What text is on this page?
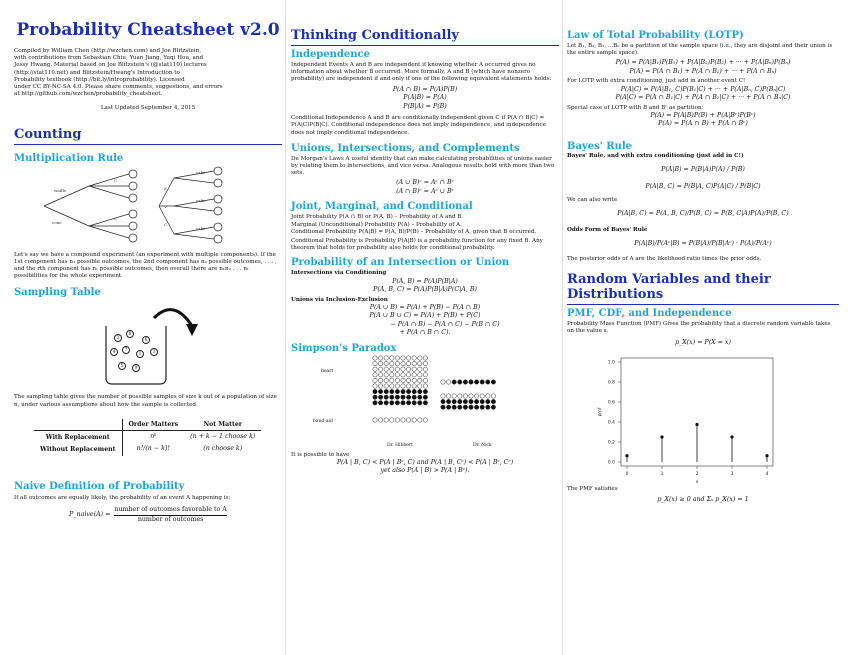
Probability Cheatsheet v2.0
Compiled by William Chen (http://wzchen.com) and Joe Blitzstein,
with contributions from Sebastian Chiu, Yuan Jiang, Yuqi Hou, and
Jessy Hwang. Material based on Joe Blitzstein's (@stat110) lectures
(http://stat110.net) and Blitzstein/Hwang's Introduction to
Probability textbook (http://bit.ly/introprobability). Licensed
under CC BY-NC-SA 4.0. Please share comments, suggestions, and errors
at http://github.com/wzchen/probability_cheatsheet.
Last Updated September 4, 2015
Counting
Multiplication Rule
waffle
cone
C
C
S
V
C
cake
cake
cake
Let's say we have a compound experiment (an experiment with multiple components). If the 1st component has n₁ possible outcomes, the 2nd component has n₂ possible outcomes, . . . , and the rth component has nᵣ possible outcomes, then overall there are n₁n₂ . . . nᵣ possibilities for the whole experiment.
Sampling Table
2
8
6
4	7
1	3
5	9
The sampling table gives the number of possible samples of size k out of a population of size n, under various assumptions about how the sample is collected.
	Order Matters	Not Matter
With Replacement	nᵏ	(n + k − 1 choose k)
Without Replacement	n!/(n − k)!	(n choose k)
Naive Definition of Probability
If all outcomes are equally likely, the probability of an event A happening is:
P_naive(A) =
number of outcomes favorable to A
number of outcomes
Thinking Conditionally
Independence
Independent Events A and B are independent if knowing whether A occurred gives no information about whether B occurred. More formally, A and B (which have nonzero probability) are independent if and only if one of the following equivalent statements holds:
P(A ∩ B) = P(A)P(B)
P(A|B) = P(A)
P(B|A) = P(B)
Conditional Independence A and B are conditionally independent given C if P(A ∩ B|C) = P(A|C)P(B|C). Conditional independence does not imply independence, and independence does not imply conditional independence.
Unions, Intersections, and Complements
De Morgan's Laws A useful identity that can make calculating probabilities of unions easier by relating them to intersections, and vice versa. Analogous results hold with more than two sets.
(A ∪ B)ᶜ = Aᶜ ∩ Bᶜ
(A ∩ B)ᶜ = Aᶜ ∪ Bᶜ
Joint, Marginal, and Conditional
Joint Probability P(A ∩ B) or P(A, B) – Probability of A and B.
Marginal (Unconditional) Probability P(A) – Probability of A.
Conditional Probability P(A|B) = P(A, B)/P(B) – Probability of A, given that B occurred.
Conditional Probability is Probability P(A|B) is a probability function for any fixed B. Any theorem that holds for probability also holds for conditional probability.
Probability of an Intersection or Union
Intersections via Conditioning
P(A, B) = P(A)P(B|A)
P(A, B, C) = P(A)P(B|A)P(C|A, B)
Unions via Inclusion-Exclusion
P(A ∪ B) = P(A) + P(B) − P(A ∩ B)
P(A ∪ B ∪ C) = P(A) + P(B) + P(C)
− P(A ∩ B) − P(A ∩ C) − P(B ∩ C)
+ P(A ∩ B ∩ C).
Simpson's Paradox
heart
band-aid
Dr. Hibbert	Dr. Nick
It is possible to have
P(A | B, C) < P(A | Bᶜ, C) and P(A | B, Cᶜ) < P(A | Bᶜ, Cᶜ)
yet also P(A | B) > P(A | Bᶜ).
Law of Total Probability (LOTP)
Let B₁, B₂, B₃, ...Bₙ be a partition of the sample space (i.e., they are disjoint and their union is the entire sample space).
P(A) = P(A|B₁)P(B₁) + P(A|B₂)P(B₂) + ··· + P(A|Bₙ)P(Bₙ)
P(A) = P(A ∩ B₁) + P(A ∩ B₂) + ··· + P(A ∩ Bₙ)
For LOTP with extra conditioning, just add in another event C!
P(A|C) = P(A|B₁, C)P(B₁|C) + ··· + P(A|Bₙ, C)P(Bₙ|C)
P(A|C) = P(A ∩ B₁|C) + P(A ∩ B₂|C) + ··· + P(A ∩ Bₙ|C)
Special case of LOTP with B and Bᶜ as partition:
P(A) = P(A|B)P(B) + P(A|Bᶜ)P(Bᶜ)
P(A) = P(A ∩ B) + P(A ∩ Bᶜ)
Bayes' Rule
Bayes' Rule, and with extra conditioning (just add in C!)
P(A|B) = P(B|A)P(A) / P(B)
P(A|B, C) = P(B|A, C)P(A|C) / P(B|C)
We can also write
P(A|B, C) = P(A, B, C)/P(B, C) = P(B, C|A)P(A)/P(B, C)
Odds Form of Bayes' Rule
P(A|B)/P(Aᶜ|B) = P(B|A)/P(B|Aᶜ) · P(A)/P(Aᶜ)
The posterior odds of A are the likelihood ratio times the prior odds.
Random Variables and their Distributions
PMF, CDF, and Independence
Probability Mass Function (PMF) Gives the probability that a discrete random variable takes on the value x.
p_X(x) = P(X = x)
0.0
0.2
0.4
0.6
0.8
1.0
0	1	2	3	4
x
pmf
The PMF satisfies
p_X(x) ≥ 0 and Σₓ p_X(x) = 1
